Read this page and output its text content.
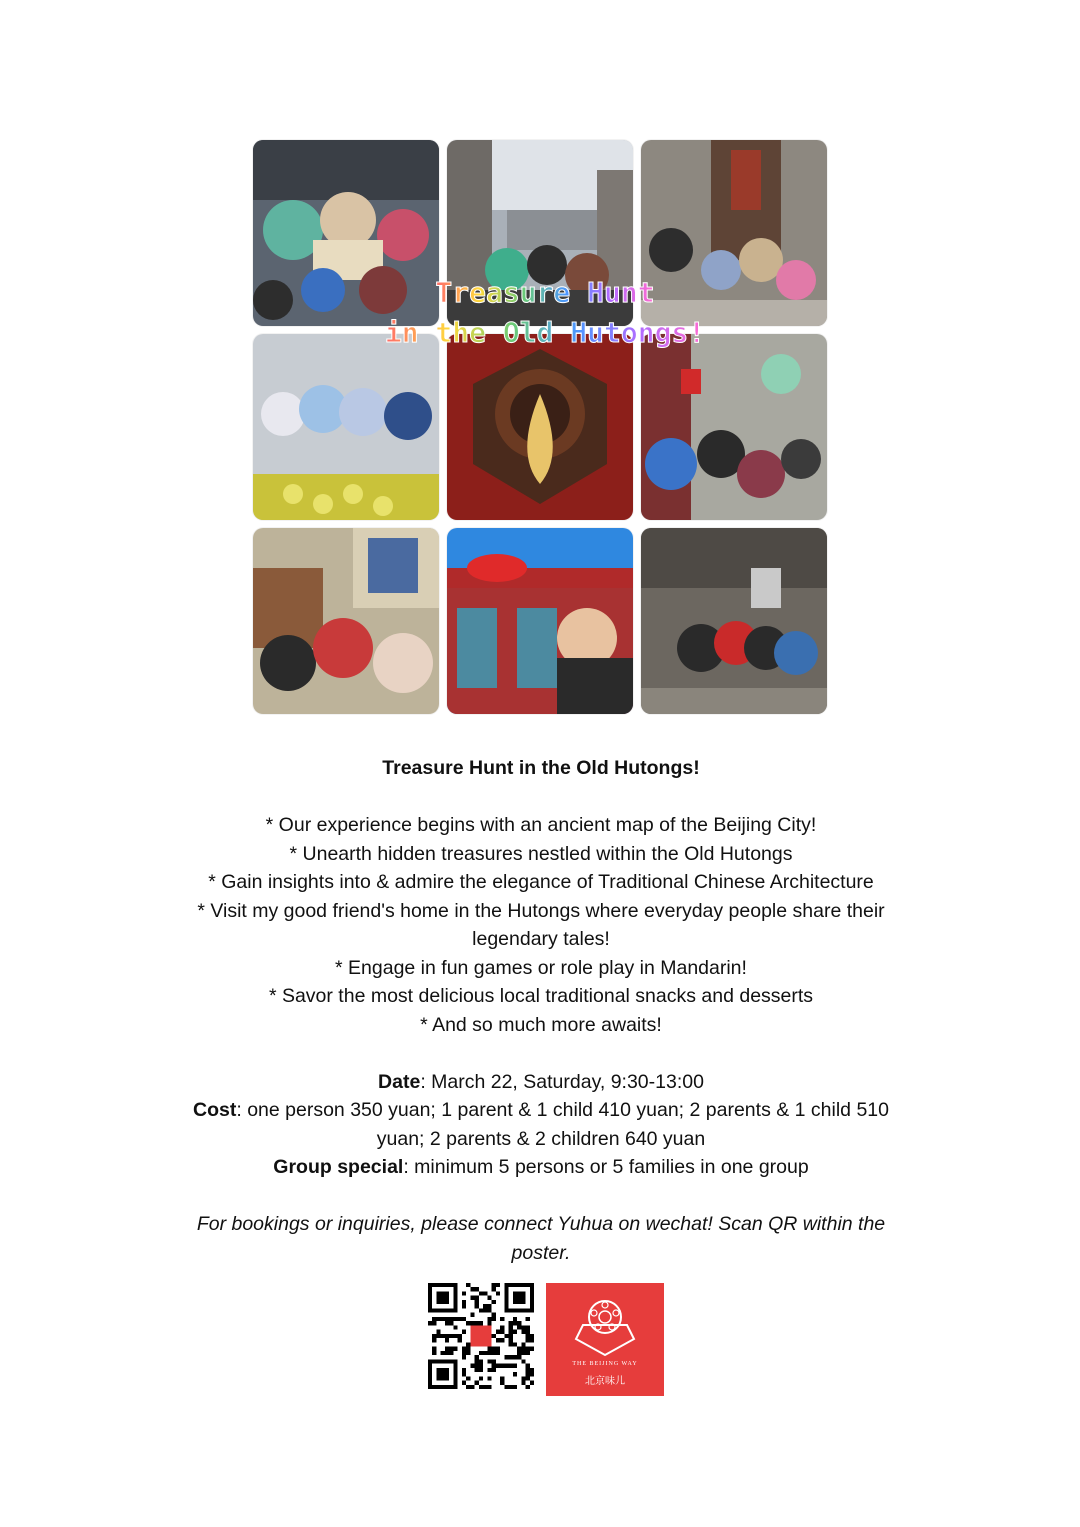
Treasure Hunt
in the Old Hutongs!

Treasure Hunt in the Old Hutongs!

* Our experience begins with an ancient map of the Beijing City!

* Unearth hidden treasures nestled within the Old Hutongs

* Gain insights into & admire the elegance of Traditional Chinese Architecture

* Visit my good friend's home in the Hutongs where everyday people share their legendary tales!

* Engage in fun games or role play in Mandarin!

* Savor the most delicious local traditional snacks and desserts

* And so much more awaits!

Date: March 22, Saturday, 9:30-13:00

Cost: one person 350 yuan; 1 parent & 1 child 410 yuan; 2 parents & 1 child 510 yuan; 2 parents & 2 children 640 yuan

Group special: minimum 5 persons or 5 families in one group

For bookings or inquiries, please connect Yuhua on wechat! Scan QR within the poster.

THE BEIJING WAY
北京味儿
